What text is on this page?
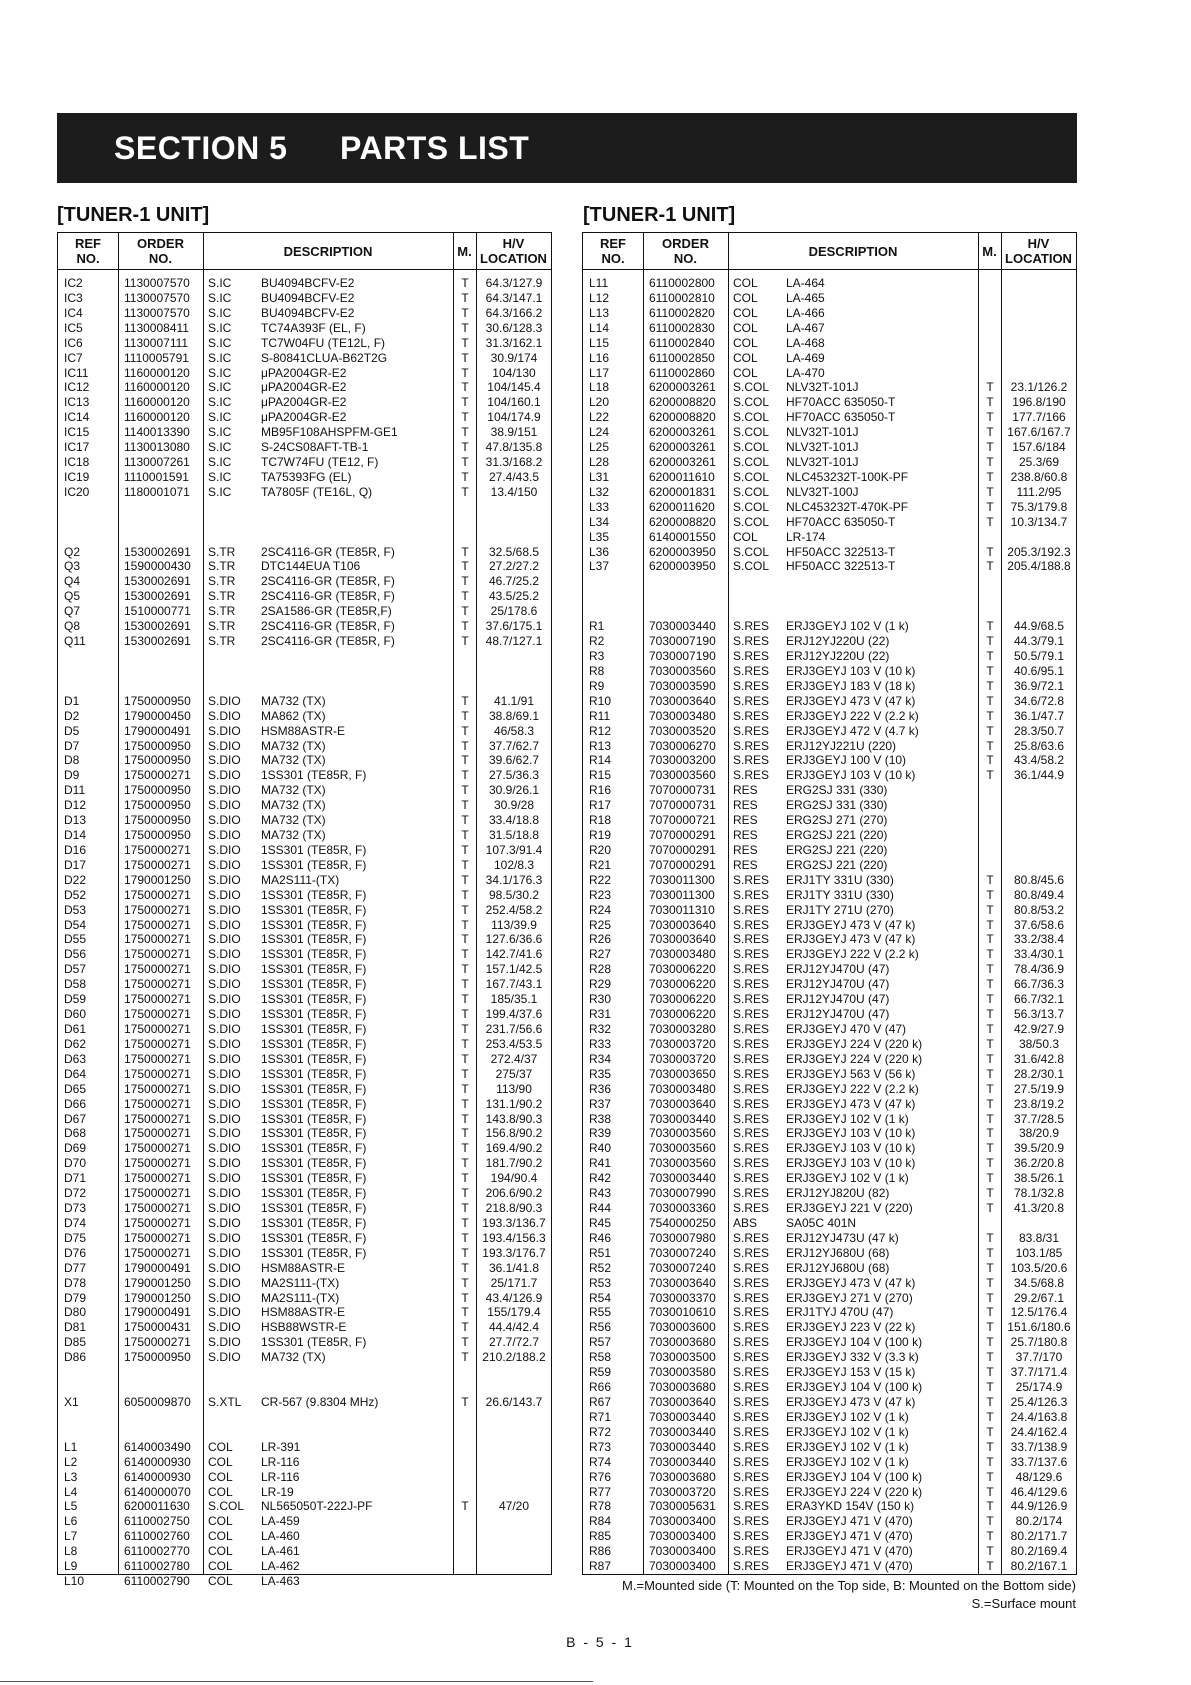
SECTION 5 PARTS LIST
[TUNER-1 UNIT]	[TUNER-1 UNIT]
REF
NO.
ORDER
NO.	DESCRIPTION	M.	H/V
LOCATION
IC2	1130007570 S.IC BU4094BCFV-E2	T	64.3/127.9
IC3	1130007570 S.IC BU4094BCFV-E2	T	64.3/147.1
IC4	1130007570 S.IC BU4094BCFV-E2	T	64.3/166.2
IC5	1130008411 S.IC TC74A393F (EL, F)	T	30.6/128.3
IC6	1130007111 S.IC TC7W04FU (TE12L, F)	T	31.3/162.1
IC7	1110005791 S.IC S-80841CLUA-B62T2G	T	30.9/174
IC11	1160000120 S.IC μPA2004GR-E2	T	104/130
IC12	1160000120 S.IC μPA2004GR-E2	T	104/145.4
IC13	1160000120 S.IC μPA2004GR-E2	T	104/160.1
IC14	1160000120 S.IC μPA2004GR-E2	T	104/174.9
IC15	1140013390 S.IC MB95F108AHSPFM-GE1	T	38.9/151
IC17	1130013080 S.IC S-24CS08AFT-TB-1	T	47.8/135.8
IC18	1130007261 S.IC TC7W74FU (TE12, F)	T	31.3/168.2
IC19	1110001591 S.IC TA75393FG (EL)	T	27.4/43.5
IC20	1180001071 S.IC TA7805F (TE16L, Q)	T	13.4/150
Q2	1530002691 S.TR 2SC4116-GR (TE85R, F)	T	32.5/68.5
Q3	1590000430 S.TR DTC144EUA T106	T	27.2/27.2
Q4	1530002691 S.TR 2SC4116-GR (TE85R, F)	T	46.7/25.2
Q5	1530002691 S.TR 2SC4116-GR (TE85R, F)	T	43.5/25.2
Q7	1510000771 S.TR 2SA1586-GR (TE85R,F)	T	25/178.6
Q8	1530002691 S.TR 2SC4116-GR (TE85R, F)	T	37.6/175.1
Q11	1530002691 S.TR 2SC4116-GR (TE85R, F)	T	48.7/127.1
D1	1750000950 S.DIO MA732 (TX)	T	41.1/91
D2	1790000450 S.DIO MA862 (TX)	T	38.8/69.1
D5	1790000491 S.DIO HSM88ASTR-E	T	46/58.3
D7	1750000950 S.DIO MA732 (TX)	T	37.7/62.7
D8	1750000950 S.DIO MA732 (TX)	T	39.6/62.7
D9	1750000271 S.DIO 1SS301 (TE85R, F)	T	27.5/36.3
D11	1750000950 S.DIO MA732 (TX)	T	30.9/26.1
D12	1750000950 S.DIO MA732 (TX)	T	30.9/28
D13	1750000950 S.DIO MA732 (TX)	T	33.4/18.8
D14	1750000950 S.DIO MA732 (TX)	T	31.5/18.8
D16	1750000271 S.DIO 1SS301 (TE85R, F)	T	107.3/91.4
D17	1750000271 S.DIO 1SS301 (TE85R, F)	T	102/8.3
D22	1790001250 S.DIO MA2S111-(TX)	T	34.1/176.3
D52	1750000271 S.DIO 1SS301 (TE85R, F)	T	98.5/30.2
D53	1750000271 S.DIO 1SS301 (TE85R, F)	T	252.4/58.2
D54	1750000271 S.DIO 1SS301 (TE85R, F)	T	113/39.9
D55	1750000271 S.DIO 1SS301 (TE85R, F)	T	127.6/36.6
D56	1750000271 S.DIO 1SS301 (TE85R, F)	T	142.7/41.6
D57	1750000271 S.DIO 1SS301 (TE85R, F)	T	157.1/42.5
D58	1750000271 S.DIO 1SS301 (TE85R, F)	T	167.7/43.1
D59	1750000271 S.DIO 1SS301 (TE85R, F)	T	185/35.1
D60	1750000271 S.DIO 1SS301 (TE85R, F)	T	199.4/37.6
D61	1750000271 S.DIO 1SS301 (TE85R, F)	T	231.7/56.6
D62	1750000271 S.DIO 1SS301 (TE85R, F)	T	253.4/53.5
D63	1750000271 S.DIO 1SS301 (TE85R, F)	T	272.4/37
D64	1750000271 S.DIO 1SS301 (TE85R, F)	T	275/37
D65	1750000271 S.DIO 1SS301 (TE85R, F)	T	113/90
D66	1750000271 S.DIO 1SS301 (TE85R, F)	T	131.1/90.2
D67	1750000271 S.DIO 1SS301 (TE85R, F)	T	143.8/90.3
D68	1750000271 S.DIO 1SS301 (TE85R, F)	T	156.8/90.2
D69	1750000271 S.DIO 1SS301 (TE85R, F)	T	169.4/90.2
D70	1750000271 S.DIO 1SS301 (TE85R, F)	T	181.7/90.2
D71	1750000271 S.DIO 1SS301 (TE85R, F)	T	194/90.4
D72	1750000271 S.DIO 1SS301 (TE85R, F)	T	206.6/90.2
D73	1750000271 S.DIO 1SS301 (TE85R, F)	T	218.8/90.3
D74	1750000271 S.DIO 1SS301 (TE85R, F)	T	193.3/136.7
D75	1750000271 S.DIO 1SS301 (TE85R, F)	T	193.4/156.3
D76	1750000271 S.DIO 1SS301 (TE85R, F)	T	193.3/176.7
D77	1790000491 S.DIO HSM88ASTR-E	T	36.1/41.8
D78	1790001250 S.DIO MA2S111-(TX)	T	25/171.7
D79	1790001250 S.DIO MA2S111-(TX)	T	43.4/126.9
D80	1790000491 S.DIO HSM88ASTR-E	T	155/179.4
D81	1750000431 S.DIO HSB88WSTR-E	T	44.4/42.4
D85	1750000271 S.DIO 1SS301 (TE85R, F)	T	27.7/72.7
D86	1750000950 S.DIO MA732 (TX)	T	210.2/188.2
X1	6050009870 S.XTL CR-567 (9.8304 MHz)	T	26.6/143.7
L1	6140003490 COL LR-391
L2	6140000930 COL LR-116
L3	6140000930 COL LR-116
L4	6140000070 COL LR-19
L5	6200011630 S.COL NL565050T-222J-PF	T	47/20
L6	6110002750 COL LA-459
L7	6110002760 COL LA-460
L8	6110002770 COL LA-461
L9	6110002780 COL LA-462
L10	6110002790 COL LA-463
REF
NO.
ORDER
NO.	DESCRIPTION	M.	H/V
LOCATION
L11	6110002800 COL LA-464
L12	6110002810 COL LA-465
L13	6110002820 COL LA-466
L14	6110002830 COL LA-467
L15	6110002840 COL LA-468
L16	6110002850 COL LA-469
L17	6110002860 COL LA-470
L18	6200003261 S.COL NLV32T-101J	T	23.1/126.2
L20	6200008820 S.COL HF70ACC 635050-T	T	196.8/190
L22	6200008820 S.COL HF70ACC 635050-T	T	177.7/166
L24	6200003261 S.COL NLV32T-101J	T	167.6/167.7
L25	6200003261 S.COL NLV32T-101J	T	157.6/184
L28	6200003261 S.COL NLV32T-101J	T	25.3/69
L31	6200011610 S.COL NLC453232T-100K-PF	T	238.8/60.8
L32	6200001831 S.COL NLV32T-100J	T	111.2/95
L33	6200011620 S.COL NLC453232T-470K-PF	T	75.3/179.8
L34	6200008820 S.COL HF70ACC 635050-T	T	10.3/134.7
L35	6140001550 COL LR-174
L36	6200003950 S.COL HF50ACC 322513-T	T	205.3/192.3
L37	6200003950 S.COL HF50ACC 322513-T	T	205.4/188.8
R1	7030003440 S.RES ERJ3GEYJ 102 V (1 k)	T	44.9/68.5
R2	7030007190 S.RES ERJ12YJ220U (22)	T	44.3/79.1
R3	7030007190 S.RES ERJ12YJ220U (22)	T	50.5/79.1
R8	7030003560 S.RES ERJ3GEYJ 103 V (10 k)	T	40.6/95.1
R9	7030003590 S.RES ERJ3GEYJ 183 V (18 k)	T	36.9/72.1
R10	7030003640 S.RES ERJ3GEYJ 473 V (47 k)	T	34.6/72.8
R11	7030003480 S.RES ERJ3GEYJ 222 V (2.2 k)	T	36.1/47.7
R12	7030003520 S.RES ERJ3GEYJ 472 V (4.7 k)	T	28.3/50.7
R13	7030006270 S.RES ERJ12YJ221U (220)	T	25.8/63.6
R14	7030003200 S.RES ERJ3GEYJ 100 V (10)	T	43.4/58.2
R15	7030003560 S.RES ERJ3GEYJ 103 V (10 k)	T	36.1/44.9
R16	7070000731 RES ERG2SJ 331 (330)
R17	7070000731 RES ERG2SJ 331 (330)
R18	7070000721 RES ERG2SJ 271 (270)
R19	7070000291 RES ERG2SJ 221 (220)
R20	7070000291 RES ERG2SJ 221 (220)
R21	7070000291 RES ERG2SJ 221 (220)
R22	7030011300 S.RES ERJ1TY 331U (330)	T	80.8/45.6
R23	7030011300 S.RES ERJ1TY 331U (330)	T	80.8/49.4
R24	7030011310 S.RES ERJ1TY 271U (270)	T	80.8/53.2
R25	7030003640 S.RES ERJ3GEYJ 473 V (47 k)	T	37.6/58.6
R26	7030003640 S.RES ERJ3GEYJ 473 V (47 k)	T	33.2/38.4
R27	7030003480 S.RES ERJ3GEYJ 222 V (2.2 k)	T	33.4/30.1
R28	7030006220 S.RES ERJ12YJ470U (47)	T	78.4/36.9
R29	7030006220 S.RES ERJ12YJ470U (47)	T	66.7/36.3
R30	7030006220 S.RES ERJ12YJ470U (47)	T	66.7/32.1
R31	7030006220 S.RES ERJ12YJ470U (47)	T	56.3/13.7
R32	7030003280 S.RES ERJ3GEYJ 470 V (47)	T	42.9/27.9
R33	7030003720 S.RES ERJ3GEYJ 224 V (220 k)	T	38/50.3
R34	7030003720 S.RES ERJ3GEYJ 224 V (220 k)	T	31.6/42.8
R35	7030003650 S.RES ERJ3GEYJ 563 V (56 k)	T	28.2/30.1
R36	7030003480 S.RES ERJ3GEYJ 222 V (2.2 k)	T	27.5/19.9
R37	7030003640 S.RES ERJ3GEYJ 473 V (47 k)	T	23.8/19.2
R38	7030003440 S.RES ERJ3GEYJ 102 V (1 k)	T	37.7/28.5
R39	7030003560 S.RES ERJ3GEYJ 103 V (10 k)	T	38/20.9
R40	7030003560 S.RES ERJ3GEYJ 103 V (10 k)	T	39.5/20.9
R41	7030003560 S.RES ERJ3GEYJ 103 V (10 k)	T	36.2/20.8
R42	7030003440 S.RES ERJ3GEYJ 102 V (1 k)	T	38.5/26.1
R43	7030007990 S.RES ERJ12YJ820U (82)	T	78.1/32.8
R44	7030003360 S.RES ERJ3GEYJ 221 V (220)	T	41.3/20.8
R45	7540000250 ABS SA05C 401N
R46	7030007980 S.RES ERJ12YJ473U (47 k)	T	83.8/31
R51	7030007240 S.RES ERJ12YJ680U (68)	T	103.1/85
R52	7030007240 S.RES ERJ12YJ680U (68)	T	103.5/20.6
R53	7030003640 S.RES ERJ3GEYJ 473 V (47 k)	T	34.5/68.8
R54	7030003370 S.RES ERJ3GEYJ 271 V (270)	T	29.2/67.1
R55	7030010610 S.RES ERJ1TYJ 470U (47)	T	12.5/176.4
R56	7030003600 S.RES ERJ3GEYJ 223 V (22 k)	T	151.6/180.6
R57	7030003680 S.RES ERJ3GEYJ 104 V (100 k)	T	25.7/180.8
R58	7030003500 S.RES ERJ3GEYJ 332 V (3.3 k)	T	37.7/170
R59	7030003580 S.RES ERJ3GEYJ 153 V (15 k)	T	37.7/171.4
R66	7030003680 S.RES ERJ3GEYJ 104 V (100 k)	T	25/174.9
R67	7030003640 S.RES ERJ3GEYJ 473 V (47 k)	T	25.4/126.3
R71	7030003440 S.RES ERJ3GEYJ 102 V (1 k)	T	24.4/163.8
R72	7030003440 S.RES ERJ3GEYJ 102 V (1 k)	T	24.4/162.4
R73	7030003440 S.RES ERJ3GEYJ 102 V (1 k)	T	33.7/138.9
R74	7030003440 S.RES ERJ3GEYJ 102 V (1 k)	T	33.7/137.6
R76	7030003680 S.RES ERJ3GEYJ 104 V (100 k)	T	48/129.6
R77	7030003720 S.RES ERJ3GEYJ 224 V (220 k)	T	46.4/129.6
R78	7030005631 S.RES ERA3YKD 154V (150 k)	T	44.9/126.9
R84	7030003400 S.RES ERJ3GEYJ 471 V (470)	T	80.2/174
R85	7030003400 S.RES ERJ3GEYJ 471 V (470)	T	80.2/171.7
R86	7030003400 S.RES ERJ3GEYJ 471 V (470)	T	80.2/169.4
R87	7030003400 S.RES ERJ3GEYJ 471 V (470)	T	80.2/167.1
M.=Mounted side (T: Mounted on the Top side, B: Mounted on the Bottom side)
S.=Surface mount
B - 5 - 1
